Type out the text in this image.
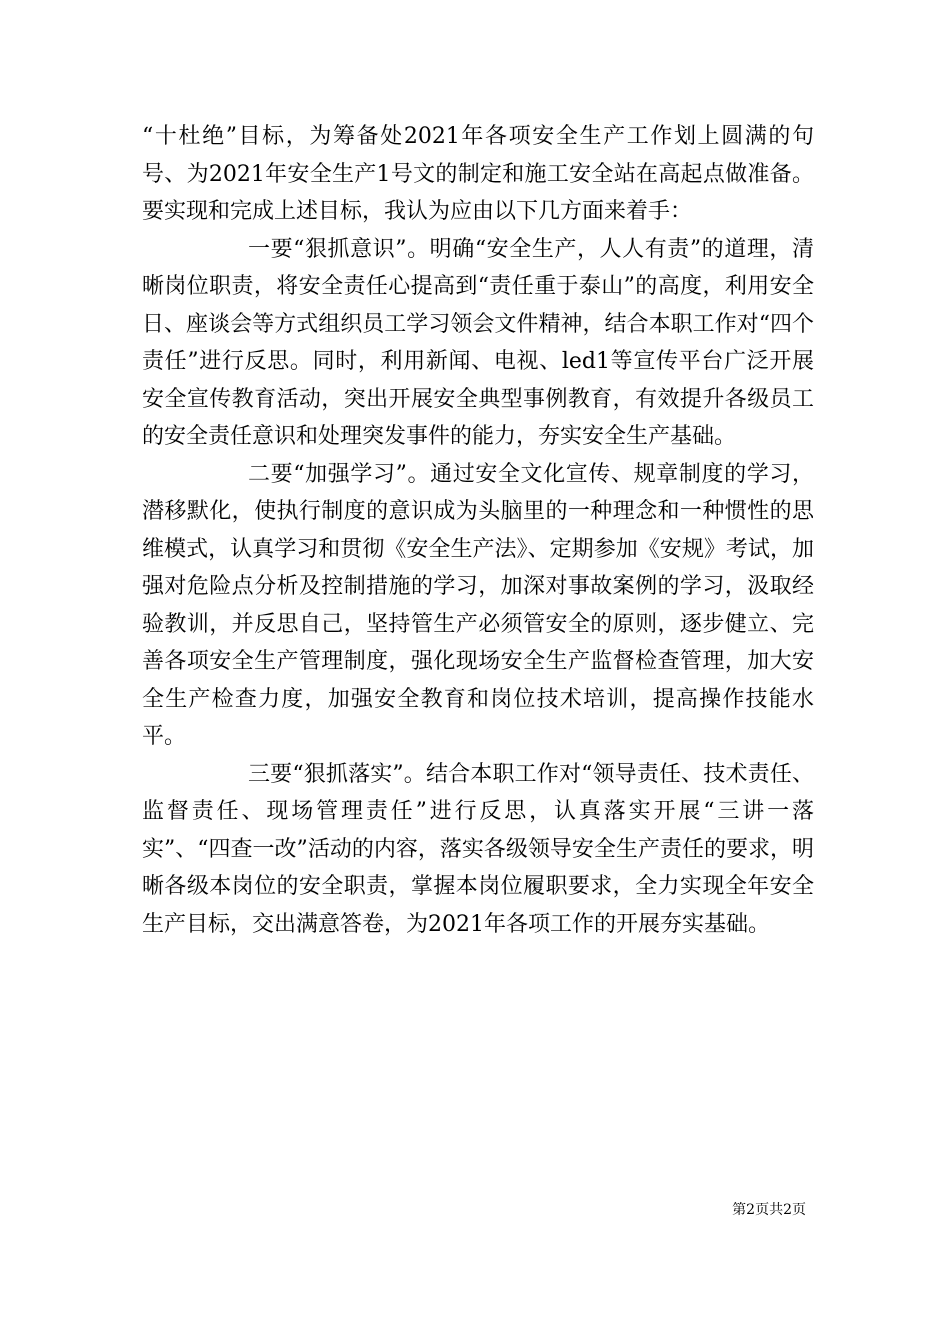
“十杜绝”目标，为筹备处2021年各项安全生产工作划上圆满的句号、为2021年安全生产1号文的制定和施工安全站在高起点做准备。要实现和完成上述目标，我认为应由以下几方面来着手：

一要“狠抓意识”。明确“安全生产，人人有责”的道理，清晰岗位职责，将安全责任心提高到“责任重于泰山”的高度，利用安全日、座谈会等方式组织员工学习领会文件精神，结合本职工作对“四个责任”进行反思。同时，利用新闻、电视、led1等宣传平台广泛开展安全宣传教育活动，突出开展安全典型事例教育，有效提升各级员工的安全责任意识和处理突发事件的能力，夯实安全生产基础。

二要“加强学习”。通过安全文化宣传、规章制度的学习，潜移默化，使执行制度的意识成为头脑里的一种理念和一种惯性的思维模式，认真学习和贯彻《安全生产法》、定期参加《安规》考试，加强对危险点分析及控制措施的学习，加深对事故案例的学习，汲取经验教训，并反思自己，坚持管生产必须管安全的原则，逐步健立、完善各项安全生产管理制度，强化现场安全生产监督检查管理，加大安全生产检查力度，加强安全教育和岗位技术培训，提高操作技能水平。

三要“狠抓落实”。结合本职工作对“领导责任、技术责任、监督责任、现场管理责任”进行反思，认真落实开展“三讲一落实”、“四查一改”活动的内容，落实各级领导安全生产责任的要求，明晰各级本岗位的安全职责，掌握本岗位履职要求，全力实现全年安全生产目标，交出满意答卷，为2021年各项工作的开展夯实基础。

第2页共2页
